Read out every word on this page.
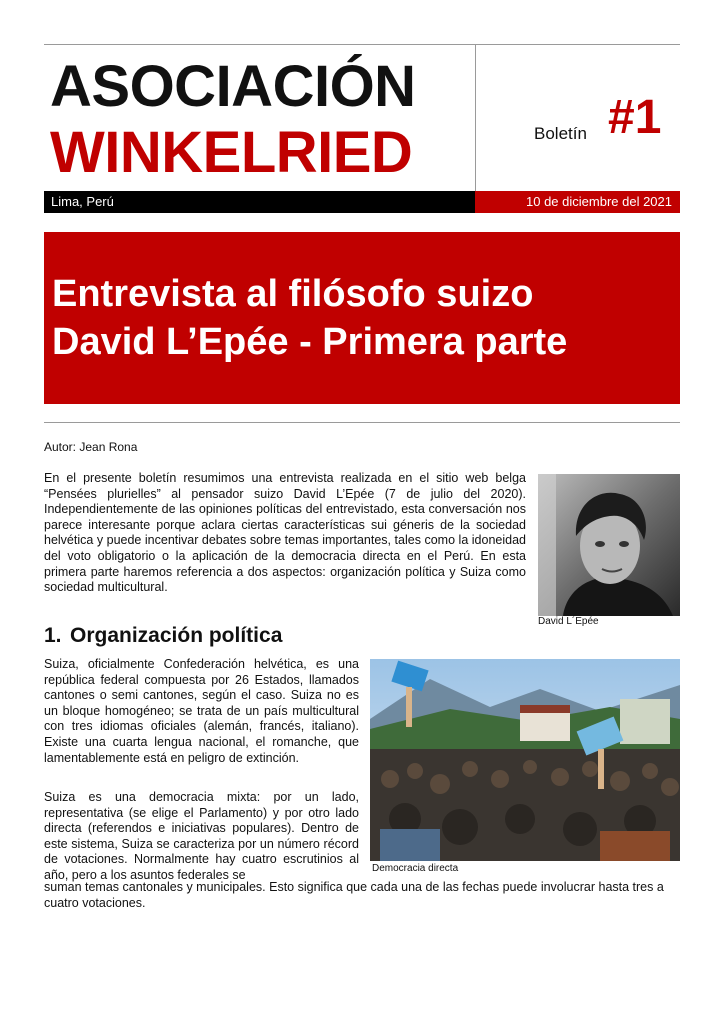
ASOCIACIÓN
WINKELRIED	Boletín #1
Lima, Perú	10 de diciembre del 2021
Entrevista al filósofo suizo
David L’Epée - Primera parte
Autor: Jean Rona

En el presente boletín resumimos una entrevista realizada en el sitio web belga “Pensées plurielles” al pensador suizo David L’Epée (7 de julio del 2020). Independientemente de las opiniones políticas del entrevistado, esta conversación nos parece interesante porque aclara ciertas características sui géneris de la sociedad helvética y puede incentivar debates sobre temas importantes, tales como la idoneidad del voto obligatorio o la aplicación de la democracia directa en el Perú. En esta primera parte haremos referencia a dos aspectos: organización política y Suiza como sociedad multicultural.

David L´Epée
1. Organización política

Suiza, oficialmente Confederación helvética, es una república federal compuesta por 26 Estados, llamados cantones o semi cantones, según el caso. Suiza no es un bloque homogéneo; se trata de un país multicultural con tres idiomas oficiales (alemán, francés, italiano). Existe una cuarta lengua nacional, el romanche, que lamentablemente está en peligro de extinción.

Suiza es una democracia mixta: por un lado, representativa (se elige el Parlamento) y por otro lado directa (referendos e iniciativas populares). Dentro de este sistema, Suiza se caracteriza por un número récord de votaciones. Normalmente hay cuatro escrutinios al año, pero a los asuntos federales se

suman temas cantonales y municipales. Esto significa que cada una de las fechas puede involucrar hasta tres a cuatro votaciones.

Democracia directa
